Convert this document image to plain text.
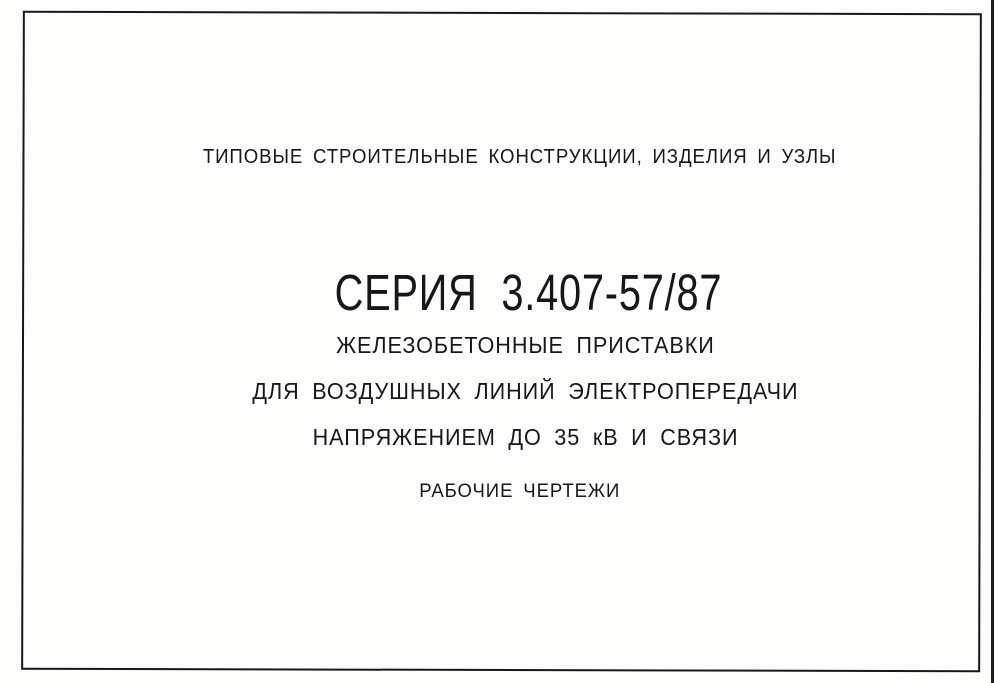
ТИПОВЫЕ СТРОИТЕЛЬНЫЕ КОНСТРУКЦИИ, ИЗДЕЛИЯ И УЗЛЫ

СЕРИЯ  3.407-57/87

ЖЕЛЕЗОБЕТОННЫЕ ПРИСТАВКИ

ДЛЯ ВОЗДУШНЫХ ЛИНИЙ ЭЛЕКТРОПЕРЕДАЧИ

НАПРЯЖЕНИЕМ ДО 35 кВ И СВЯЗИ

РАБОЧИЕ ЧЕРТЕЖИ
